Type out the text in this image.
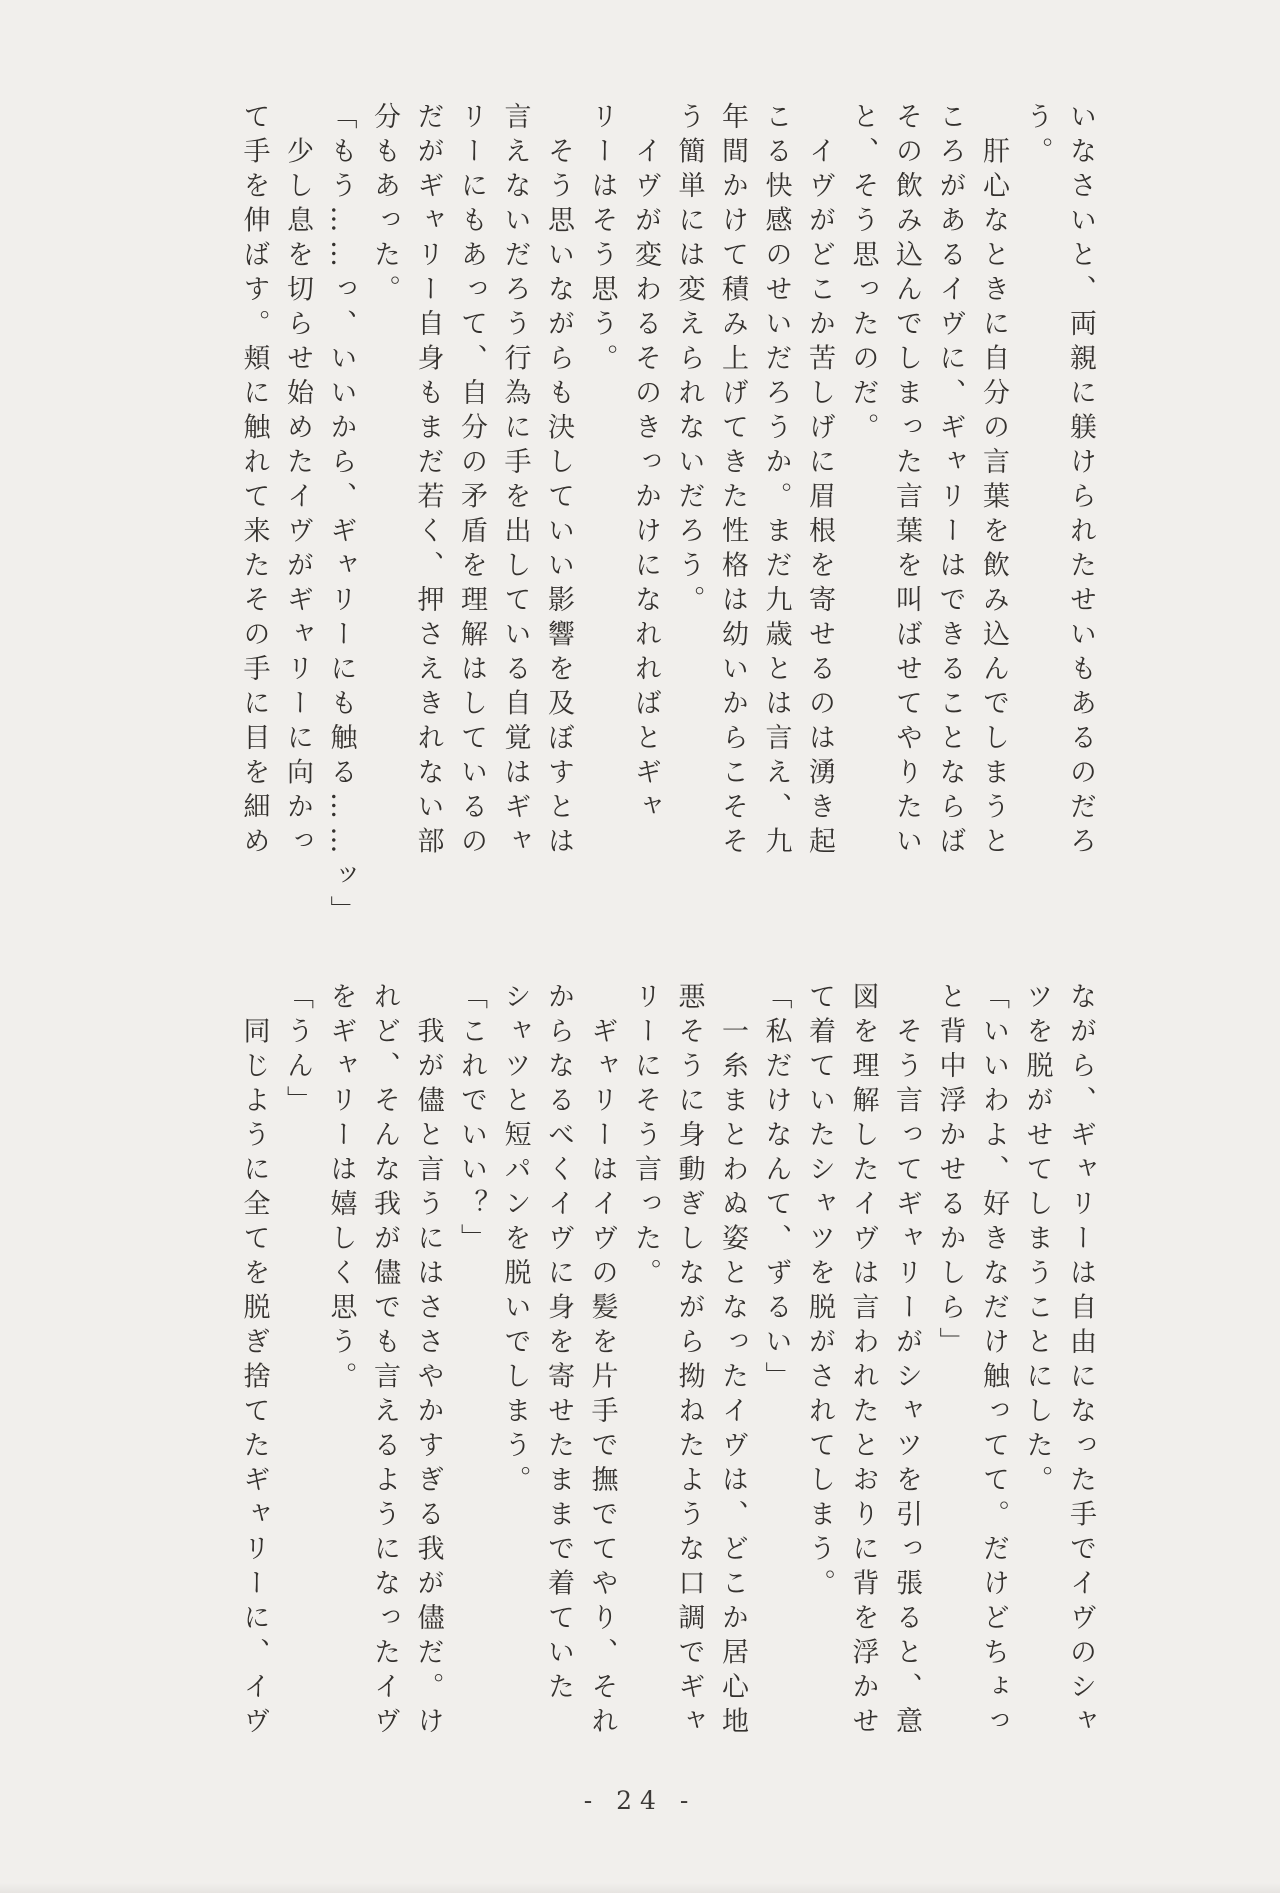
いなさいと、両親に躾けられたせいもあるのだろ
う。
　肝心なときに自分の言葉を飲み込んでしまうと
ころがあるイヴに、ギャリーはできることならば
その飲み込んでしまった言葉を叫ばせてやりたい
と、そう思ったのだ。
　イヴがどこか苦しげに眉根を寄せるのは湧き起
こる快感のせいだろうか。まだ九歳とは言え、九
年間かけて積み上げてきた性格は幼いからこそそ
う簡単には変えられないだろう。
　イヴが変わるそのきっかけになれればとギャ
リーはそう思う。
　そう思いながらも決していい影響を及ぼすとは
言えないだろう行為に手を出している自覚はギャ
リーにもあって、自分の矛盾を理解はしているの
だがギャリー自身もまだ若く、押さえきれない部
分もあった。
「もう……っ、いいから、ギャリーにも触る……ッ」
　少し息を切らせ始めたイヴがギャリーに向かっ
て手を伸ばす。頬に触れて来たその手に目を細め
ながら、ギャリーは自由になった手でイヴのシャ
ツを脱がせてしまうことにした。
「いいわよ、好きなだけ触ってて。だけどちょっ
と背中浮かせるかしら」
　そう言ってギャリーがシャツを引っ張ると、意
図を理解したイヴは言われたとおりに背を浮かせ
て着ていたシャツを脱がされてしまう。
「私だけなんて、ずるい」
　一糸まとわぬ姿となったイヴは、どこか居心地
悪そうに身動ぎしながら拗ねたような口調でギャ
リーにそう言った。
　ギャリーはイヴの髪を片手で撫でてやり、それ
からなるべくイヴに身を寄せたままで着ていた
シャツと短パンを脱いでしまう。
「これでいい？」
　我が儘と言うにはささやかすぎる我が儘だ。け
れど、そんな我が儘でも言えるようになったイヴ
をギャリーは嬉しく思う。
「うん」
　同じように全てを脱ぎ捨てたギャリーに、イヴ
- 24 -
